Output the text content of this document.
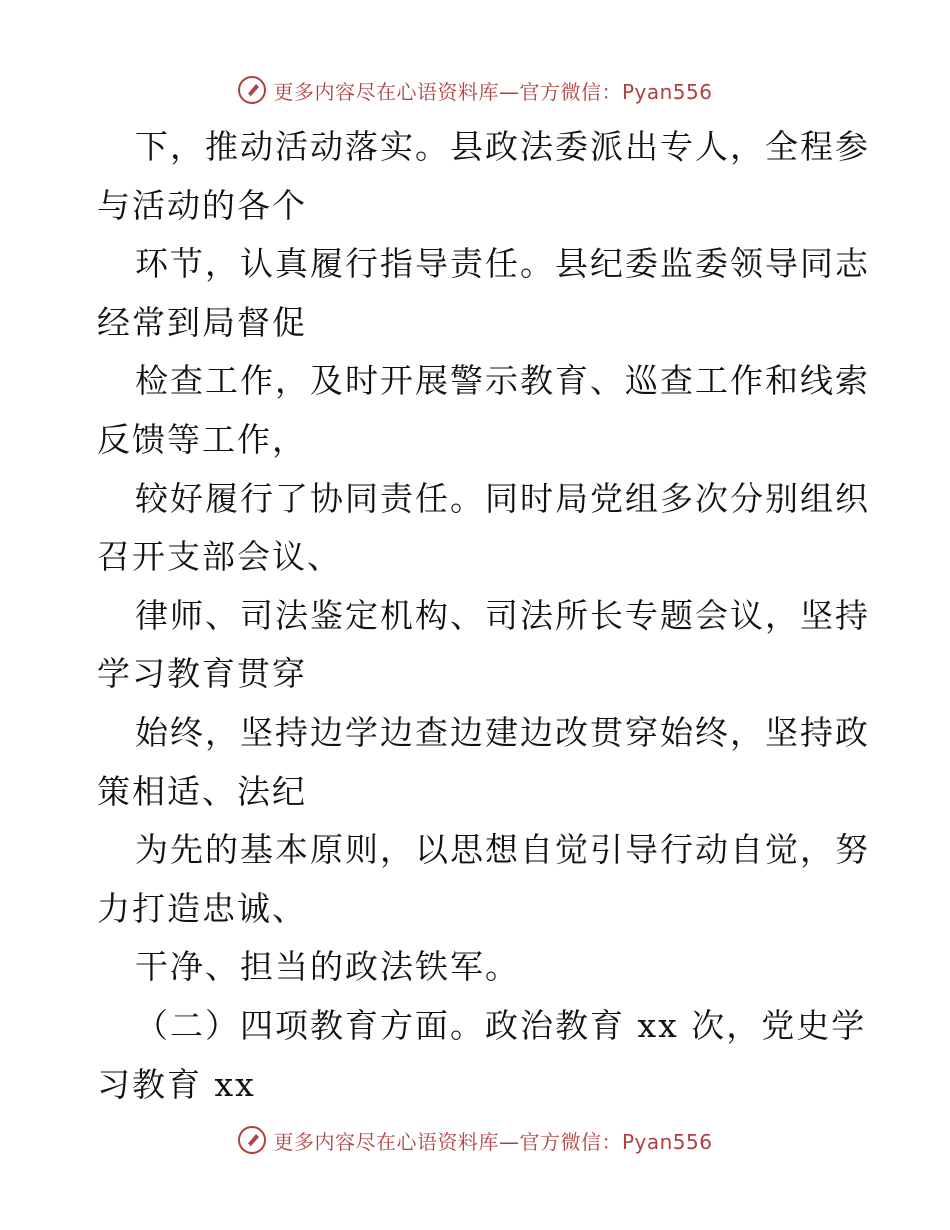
更多内容尽在心语资料库—官方微信：Pyan556
下，推动活动落实。县政法委派出专人，全程参
与活动的各个
环节，认真履行指导责任。县纪委监委领导同志
经常到局督促
检查工作，及时开展警示教育、巡查工作和线索
反馈等工作，
较好履行了协同责任。同时局党组多次分别组织
召开支部会议、
律师、司法鉴定机构、司法所长专题会议，坚持
学习教育贯穿
始终，坚持边学边查边建边改贯穿始终，坚持政
策相适、法纪
为先的基本原则，以思想自觉引导行动自觉，努
力打造忠诚、
干净、担当的政法铁军。
（二）四项教育方面。政治教育 xx 次，党史学
习教育 xx
更多内容尽在心语资料库—官方微信：Pyan556
